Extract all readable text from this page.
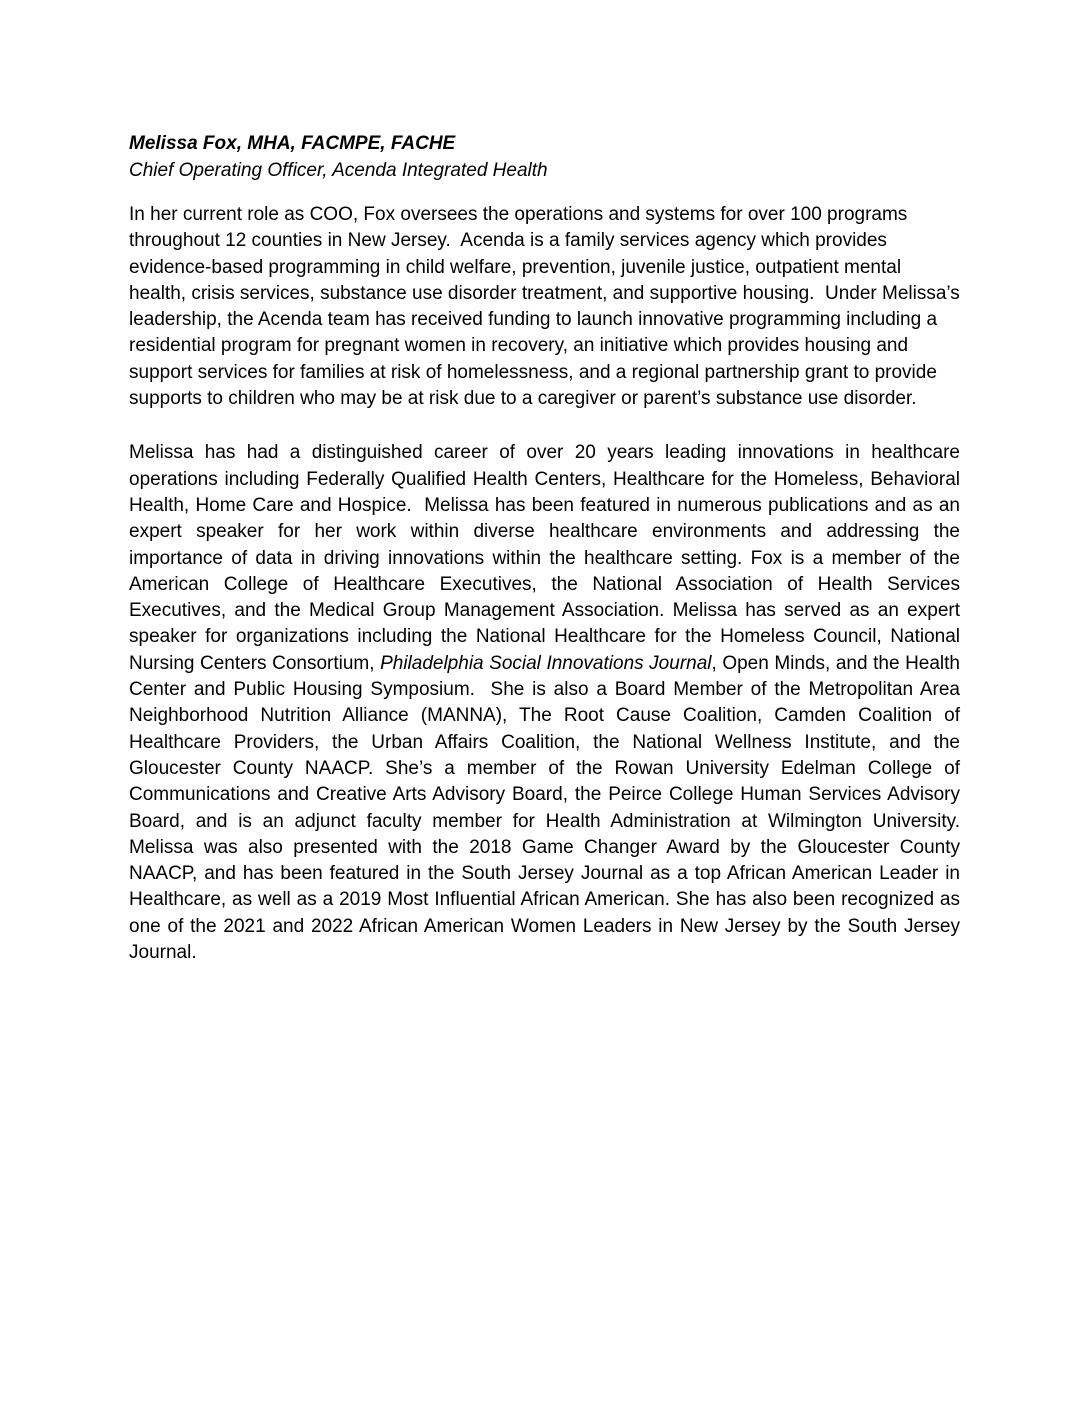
Melissa Fox, MHA, FACMPE, FACHE
Chief Operating Officer, Acenda Integrated Health

In her current role as COO, Fox oversees the operations and systems for over 100 programs throughout 12 counties in New Jersey.  Acenda is a family services agency which provides evidence-based programming in child welfare, prevention, juvenile justice, outpatient mental health, crisis services, substance use disorder treatment, and supportive housing.  Under Melissa’s leadership, the Acenda team has received funding to launch innovative programming including a residential program for pregnant women in recovery, an initiative which provides housing and support services for families at risk of homelessness, and a regional partnership grant to provide supports to children who may be at risk due to a caregiver or parent’s substance use disorder.

Melissa has had a distinguished career of over 20 years leading innovations in healthcare operations including Federally Qualified Health Centers, Healthcare for the Homeless, Behavioral Health, Home Care and Hospice.  Melissa has been featured in numerous publications and as an expert speaker for her work within diverse healthcare environments and addressing the importance of data in driving innovations within the healthcare setting. Fox is a member of the American College of Healthcare Executives, the National Association of Health Services Executives, and the Medical Group Management Association. Melissa has served as an expert speaker for organizations including the National Healthcare for the Homeless Council, National Nursing Centers Consortium, Philadelphia Social Innovations Journal, Open Minds, and the Health Center and Public Housing Symposium.  She is also a Board Member of the Metropolitan Area Neighborhood Nutrition Alliance (MANNA), The Root Cause Coalition, Camden Coalition of Healthcare Providers, the Urban Affairs Coalition, the National Wellness Institute, and the Gloucester County NAACP. She’s a member of the Rowan University Edelman College of Communications and Creative Arts Advisory Board, the Peirce College Human Services Advisory Board, and is an adjunct faculty member for Health Administration at Wilmington University. Melissa was also presented with the 2018 Game Changer Award by the Gloucester County NAACP, and has been featured in the South Jersey Journal as a top African American Leader in Healthcare, as well as a 2019 Most Influential African American. She has also been recognized as one of the 2021 and 2022 African American Women Leaders in New Jersey by the South Jersey Journal.
